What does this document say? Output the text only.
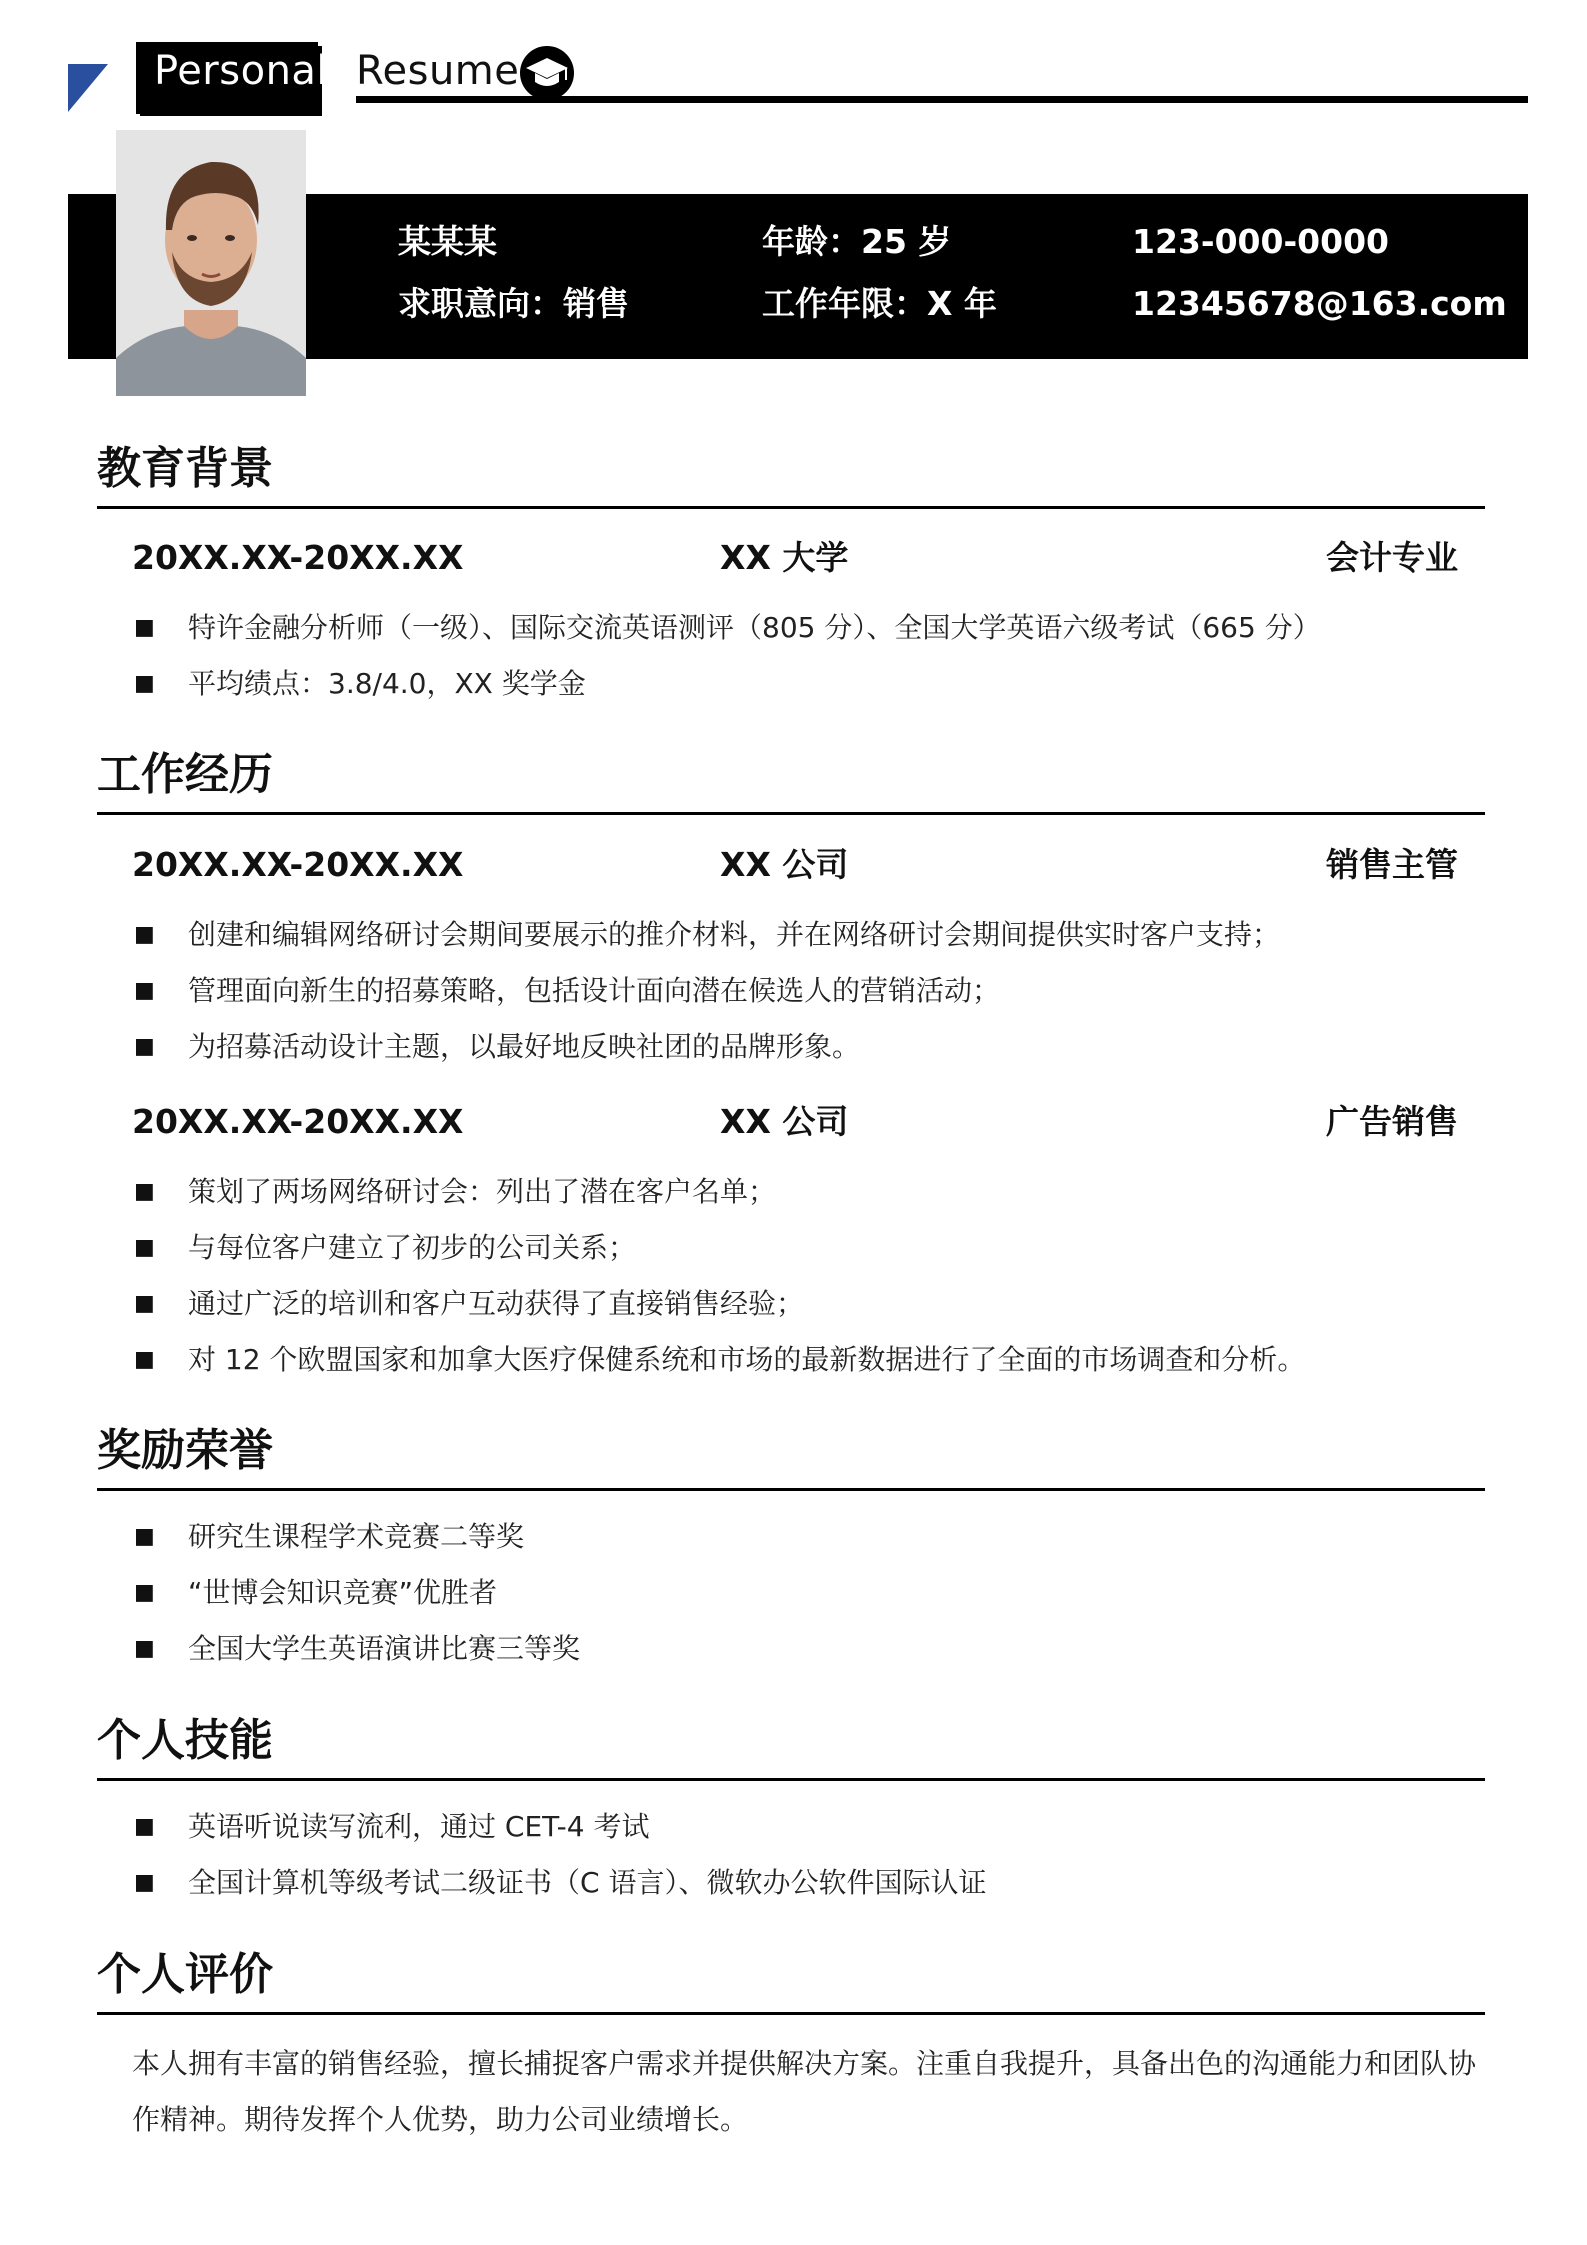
Personal Resume
某某某	年龄：25 岁	123-000-0000
求职意向：销售	工作年限：X 年	12345678@163.com
教育背景
20XX.XX-20XX.XX	XX 大学	会计专业
■ 特许金融分析师（一级）、国际交流英语测评（805 分）、全国大学英语六级考试（665 分）
■ 平均绩点：3.8/4.0，XX 奖学金
工作经历
20XX.XX-20XX.XX	XX 公司	销售主管
■ 创建和编辑网络研讨会期间要展示的推介材料，并在网络研讨会期间提供实时客户支持；
■ 管理面向新生的招募策略，包括设计面向潜在候选人的营销活动；
■ 为招募活动设计主题，以最好地反映社团的品牌形象。
20XX.XX-20XX.XX	XX 公司	广告销售
■ 策划了两场网络研讨会：列出了潜在客户名单；
■ 与每位客户建立了初步的公司关系；
■ 通过广泛的培训和客户互动获得了直接销售经验；
■ 对 12 个欧盟国家和加拿大医疗保健系统和市场的最新数据进行了全面的市场调查和分析。
奖励荣誉
■ 研究生课程学术竞赛二等奖
■ “世博会知识竞赛”优胜者
■ 全国大学生英语演讲比赛三等奖
个人技能
■ 英语听说读写流利，通过 CET-4 考试
■ 全国计算机等级考试二级证书（C 语言）、微软办公软件国际认证
个人评价
本人拥有丰富的销售经验，擅长捕捉客户需求并提供解决方案。注重自我提升，具备出色的沟通能力和团队协作精神。期待发挥个人优势，助力公司业绩增长。
